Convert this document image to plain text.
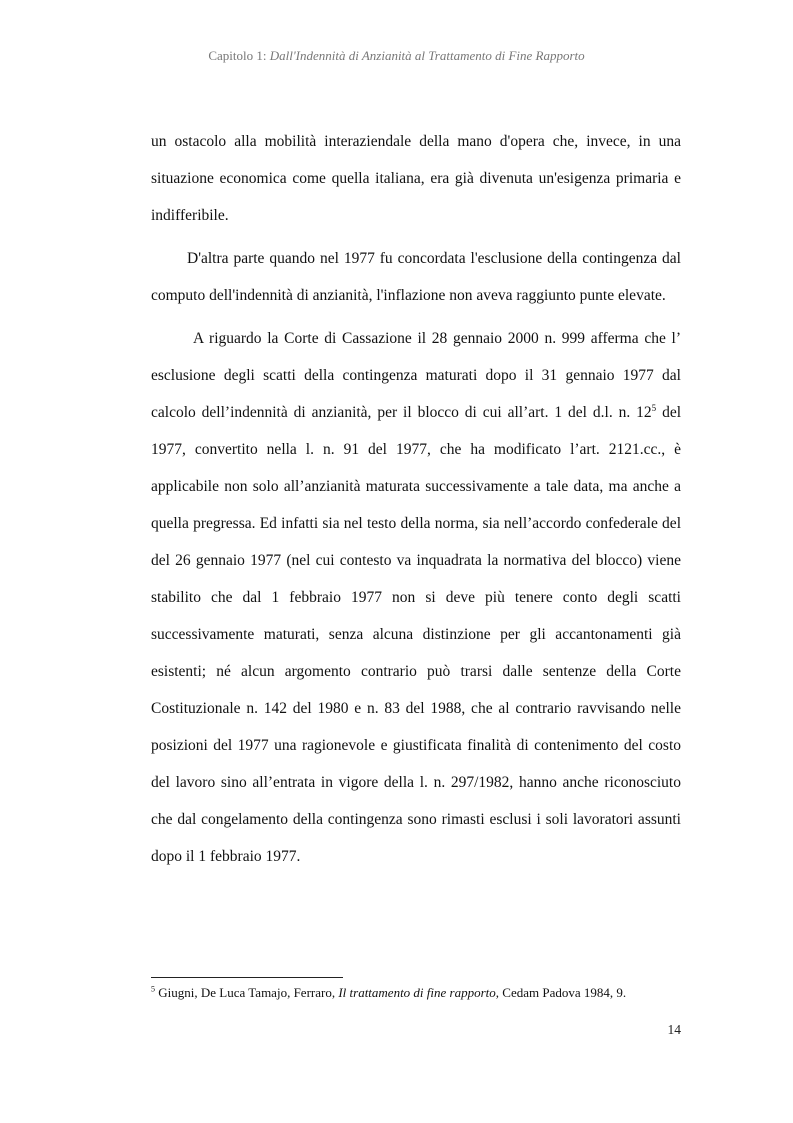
Capitolo 1: Dall'Indennità di Anzianità al Trattamento di Fine Rapporto

un ostacolo alla mobilità interaziendale della mano d'opera che, invece, in una situazione economica come quella italiana, era già divenuta un'esigenza primaria e indifferibile.

D'altra parte quando nel 1977 fu concordata l'esclusione della contingenza dal computo dell'indennità di anzianità, l'inflazione non aveva raggiunto punte elevate.

A riguardo la Corte di Cassazione il 28 gennaio 2000 n. 999 afferma che l’ esclusione degli scatti della contingenza maturati dopo il 31 gennaio 1977 dal calcolo dell’indennità di anzianità, per il blocco di cui all’art. 1 del d.l. n. 12$^5$ del 1977, convertito nella l. n. 91 del 1977, che ha modificato l’art. 2121.cc., è applicabile non solo all’anzianità maturata successivamente a tale data, ma anche a quella pregressa. Ed infatti sia nel testo della norma, sia nell’accordo confederale del del 26 gennaio 1977 (nel cui contesto va inquadrata la normativa del blocco) viene stabilito che dal 1 febbraio 1977 non si deve più tenere conto degli scatti successivamente maturati, senza alcuna distinzione per gli accantonamenti già esistenti; né alcun argomento contrario può trarsi dalle sentenze della Corte Costituzionale n. 142 del 1980 e n. 83 del 1988, che al contrario ravvisando nelle posizioni del 1977 una ragionevole e giustificata finalità di contenimento del costo del lavoro sino all’entrata in vigore della l. n. 297/1982, hanno anche riconosciuto che dal congelamento della contingenza sono rimasti esclusi i soli lavoratori assunti dopo il 1 febbraio 1977.

$^5$ Giugni, De Luca Tamajo, Ferraro, Il trattamento di fine rapporto, Cedam Padova 1984, 9.
14
